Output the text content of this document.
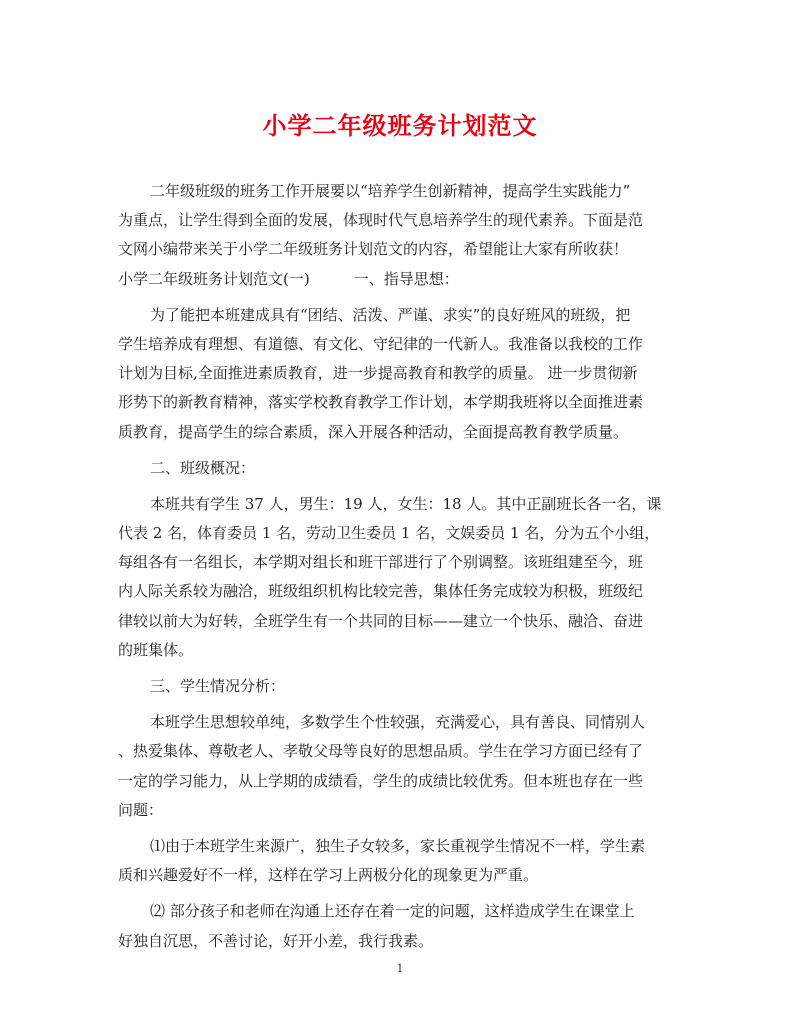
小学二年级班务计划范文
二年级班级的班务工作开展要以“培养学生创新精神，提高学生实践能力”
为重点，让学生得到全面的发展，体现时代气息培养学生的现代素养。下面是范
文网小编带来关于小学二年级班务计划范文的内容，希望能让大家有所收获！
小学二年级班务计划范文(一)	一、指导思想：
为了能把本班建成具有“团结、活泼、严谨、求实”的良好班风的班级，把
学生培养成有理想、有道德、有文化、守纪律的一代新人。我准备以我校的工作
计划为目标,全面推进素质教育，进一步提高教育和教学的质量。 进一步贯彻新
形势下的新教育精神，落实学校教育教学工作计划，本学期我班将以全面推进素
质教育，提高学生的综合素质，深入开展各种活动，全面提高教育教学质量。
二、班级概况：
本班共有学生 37 人，男生：19 人，女生：18 人。其中正副班长各一名，课
代表 2 名，体育委员 1 名，劳动卫生委员 1 名，文娱委员 1 名，分为五个小组，
每组各有一名组长，本学期对组长和班干部进行了个别调整。该班组建至今，班
内人际关系较为融洽，班级组织机构比较完善，集体任务完成较为积极，班级纪
律较以前大为好转，全班学生有一个共同的目标——建立一个快乐、融洽、奋进
的班集体。
三、学生情况分析：
本班学生思想较单纯，多数学生个性较强，充满爱心，具有善良、同情别人
、热爱集体、尊敬老人、孝敬父母等良好的思想品质。学生在学习方面已经有了
一定的学习能力，从上学期的成绩看，学生的成绩比较优秀。但本班也存在一些
问题：
⑴由于本班学生来源广，独生子女较多，家长重视学生情况不一样，学生素
质和兴趣爱好不一样，这样在学习上两极分化的现象更为严重。
⑵ 部分孩子和老师在沟通上还存在着一定的问题，这样造成学生在课堂上
好独自沉思，不善讨论，好开小差，我行我素。
1
